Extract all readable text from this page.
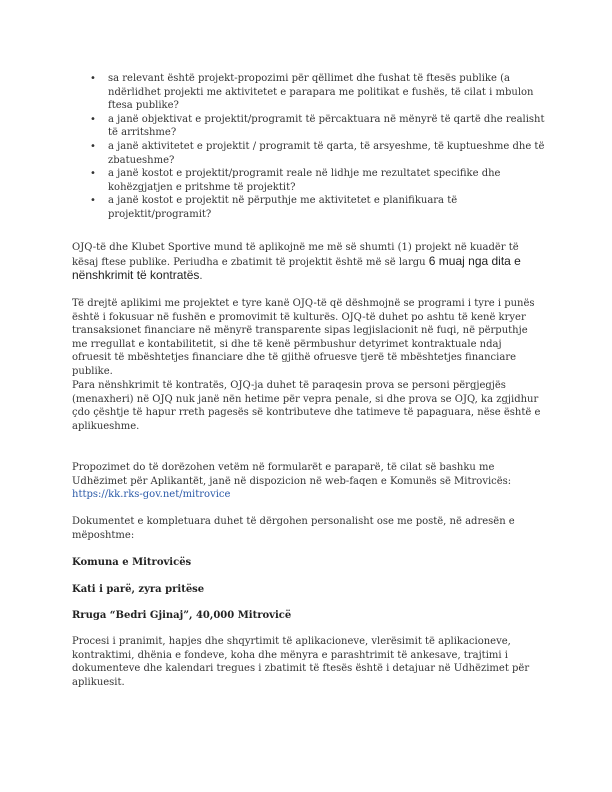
• sa relevant është projekt-propozimi për qëllimet dhe fushat të ftesës publike (a ndërlidhet projekti me aktivitetet e parapara me politikat e fushës, të cilat i mbulon ftesa publike?
• a janë objektivat e projektit/programit të përcaktuara në mënyrë të qartë dhe realisht të arritshme?
• a janë aktivitetet e projektit / programit të qarta, të arsyeshme, të kuptueshme dhe të zbatueshme?
• a janë kostot e projektit/programit reale në lidhje me rezultatet specifike dhe kohëzgjatjen e pritshme të projektit?
• a janë kostot e projektit në përputhje me aktivitetet e planifikuara të projektit/programit?

OJQ-të dhe Klubet Sportive mund të aplikojnë me më së shumti (1) projekt në kuadër të kësaj ftese publike. Periudha e zbatimit të projektit është më së largu 6 muaj nga dita e nënshkrimit të kontratës.

Të drejtë aplikimi me projektet e tyre kanë OJQ-të që dëshmojnë se programi i tyre i punës është i fokusuar në fushën e promovimit të kulturës. OJQ-të duhet po ashtu të kenë kryer transaksionet financiare në mënyrë transparente sipas legjislacionit në fuqi, në përputhje me rregullat e kontabilitetit, si dhe të kenë përmbushur detyrimet kontraktuale ndaj ofruesit të mbështetjes financiare dhe të gjithë ofruesve tjerë të mbështetjes financiare publike.

Para nënshkrimit të kontratës, OJQ-ja duhet të paraqesin prova se personi përgjegjës (menaxheri) në OJQ nuk janë nën hetime për vepra penale, si dhe prova se OJQ, ka zgjidhur çdo çështje të hapur rreth pagesës së kontributeve dhe tatimeve të papaguara, nëse është e aplikueshme.

Propozimet do të dorëzohen vetëm në formularët e paraparë, të cilat së bashku me Udhëzimet për Aplikantët, janë në dispozicion në web-faqen e Komunës së Mitrovicës: https://kk.rks-gov.net/mitrovice

Dokumentet e kompletuara duhet të dërgohen personalisht ose me postë, në adresën e mëposhtme:

Komuna e Mitrovicës

Kati i parë, zyra pritëse

Rruga “Bedri Gjinaj”, 40,000 Mitrovicë

Procesi i pranimit, hapjes dhe shqyrtimit të aplikacioneve, vlerësimit të aplikacioneve, kontraktimi, dhënia e fondeve, koha dhe mënyra e parashtrimit të ankesave, trajtimi i dokumenteve dhe kalendari tregues i zbatimit të ftesës është i detajuar në Udhëzimet për aplikuesit.
